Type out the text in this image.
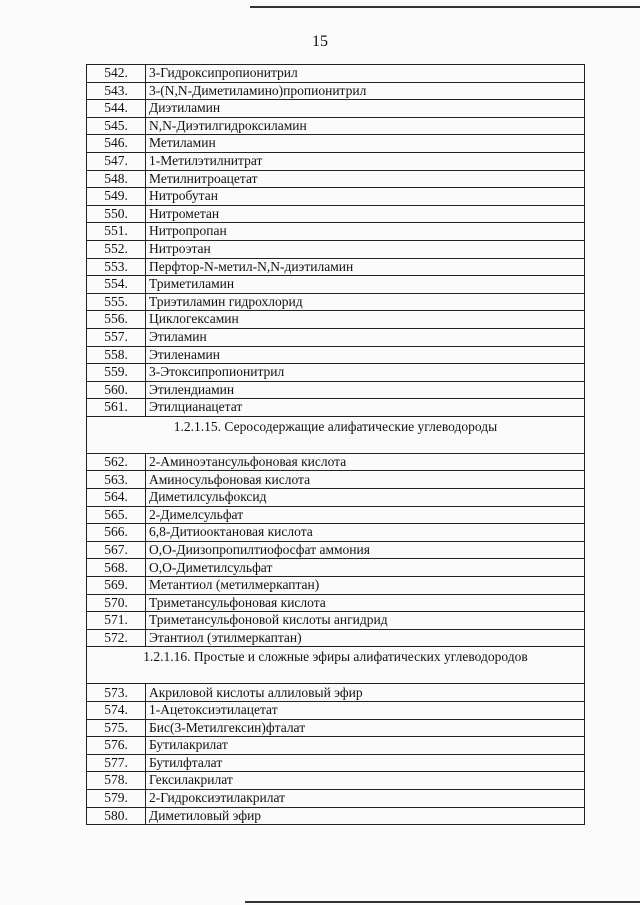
15
542.	3-Гидроксипропионитрил
543.	3-(N,N-Диметиламино)пропионитрил
544.	Диэтиламин
545.	N,N-Диэтилгидроксиламин
546.	Метиламин
547.	1-Метилэтилнитрат
548.	Метилнитроацетат
549.	Нитробутан
550.	Нитрометан
551.	Нитропропан
552.	Нитроэтан
553.	Перфтор-N-метил-N,N-диэтиламин
554.	Триметиламин
555.	Триэтиламин гидрохлорид
556.	Циклогексамин
557.	Этиламин
558.	Этиленамин
559.	3-Этоксипропионитрил
560.	Этилендиамин
561.	Этилцианацетат
1.2.1.15. Серосодержащие алифатические углеводороды	
562.	2-Аминоэтансульфоновая кислота
563.	Аминосульфоновая кислота
564.	Диметилсульфоксид
565.	2-Димелсульфат
566.	6,8-Дитиооктановая кислота
567.	О,О-Диизопропилтиофосфат аммония
568.	О,О-Диметилсульфат
569.	Метантиол (метилмеркаптан)
570.	Триметансульфоновая кислота
571.	Триметансульфоновой кислоты ангидрид
572.	Этантиол (этилмеркаптан)
1.2.1.16. Простые и сложные эфиры алифатических углеводородов	
573.	Акриловой кислоты аллиловый эфир
574.	1-Ацетоксиэтилацетат
575.	Бис(3-Метилгексин)фталат
576.	Бутилакрилат
577.	Бутилфталат
578.	Гексилакрилат
579.	2-Гидроксиэтилакрилат
580.	Диметиловый эфир
